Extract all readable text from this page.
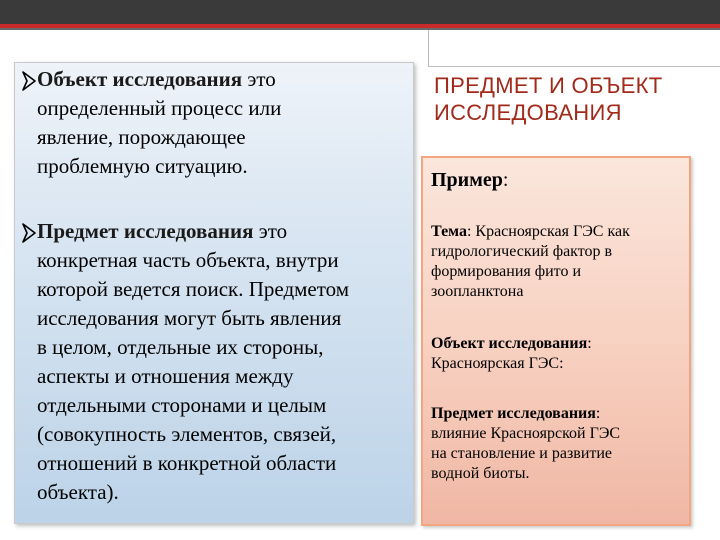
Объект исследования это
определенный процесс или
явление, порождающее
проблемную ситуацию.
Предмет исследования это
конкретная часть объекта, внутри
которой ведется поиск. Предметом
исследования могут быть явления
в целом, отдельные их стороны,
аспекты и отношения между
отдельными сторонами и целым
(совокупность элементов, связей,
отношений в конкретной области
объекта).
ПРЕДМЕТ И ОБЪЕКТ
ИССЛЕДОВАНИЯ
Пример:
Тема: Красноярская ГЭС как
гидрологический фактор в
формирования фито и
зоопланктона
Объект исследования:
Красноярская ГЭС:
Предмет исследования:
влияние Красноярской ГЭС
на становление и развитие
водной биоты.
